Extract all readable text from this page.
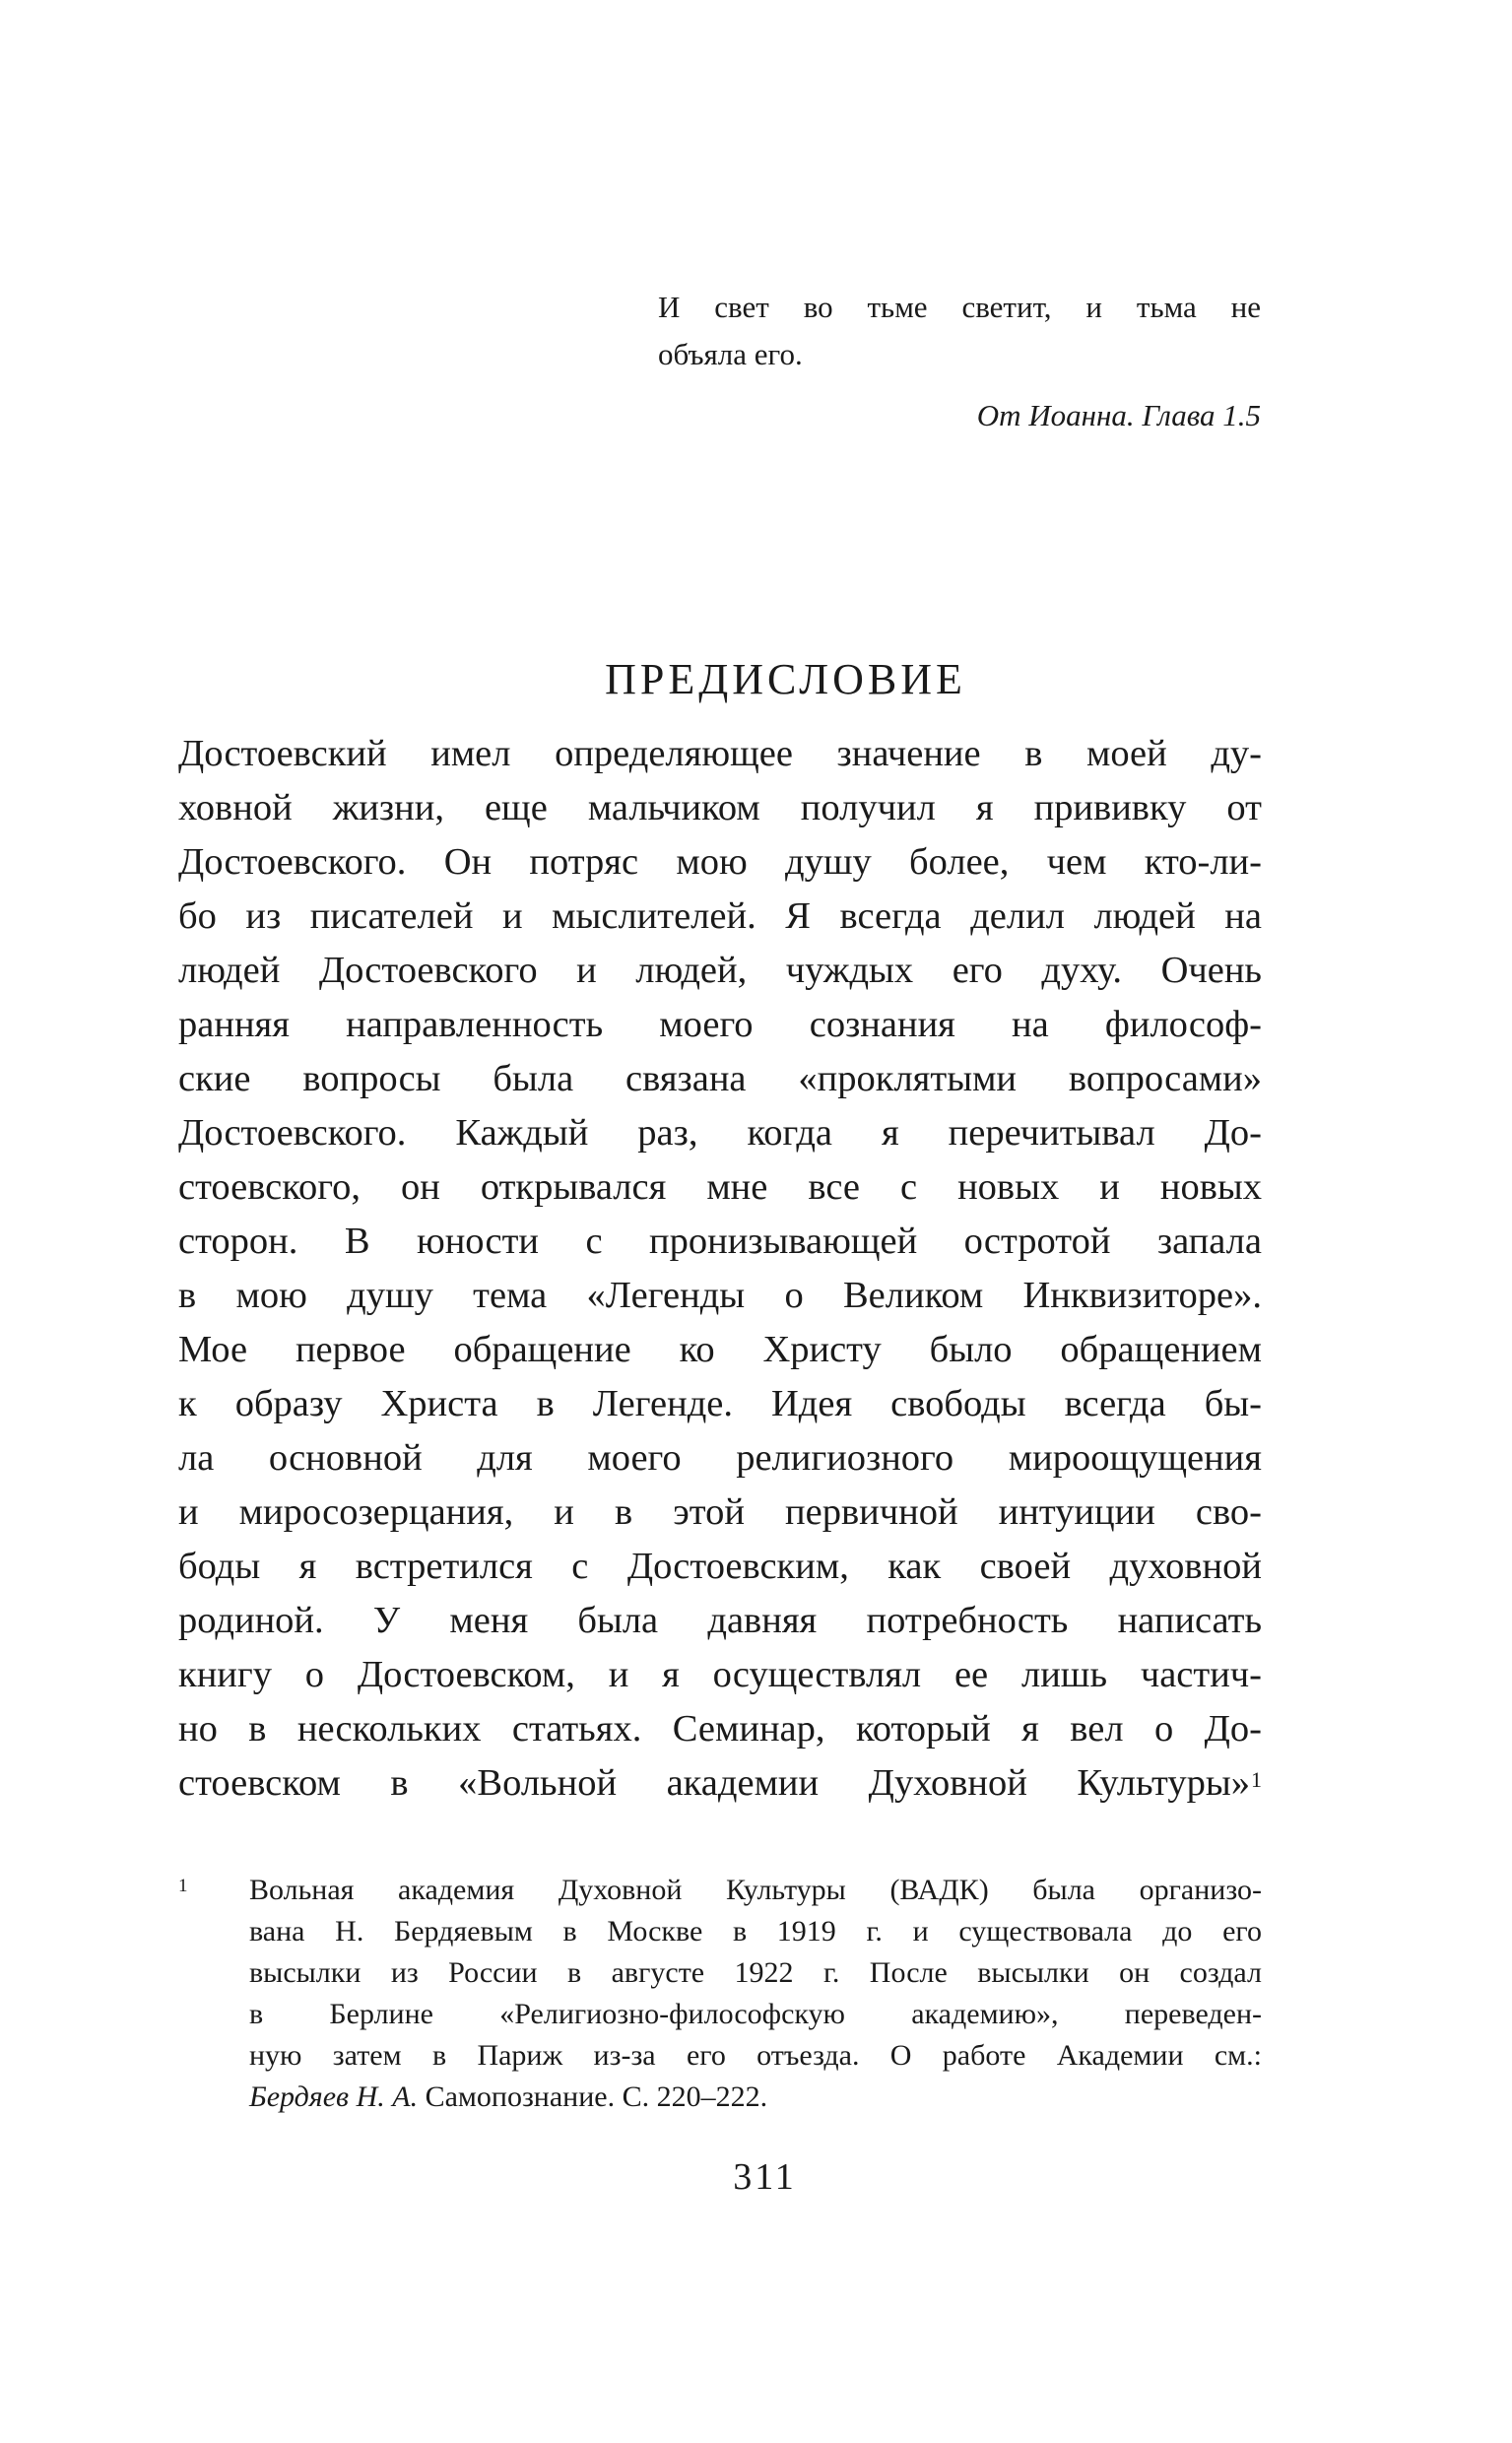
И свет во тьме светит, и тьма не
объяла его.
От Иоанна. Глава 1.5
ПРЕДИСЛОВИЕ
Достоевский имел определяющее значение в моей ду-
ховной жизни, еще мальчиком получил я прививку от
Достоевского. Он потряс мою душу более, чем кто-ли-
бо из писателей и мыслителей. Я всегда делил людей на
людей Достоевского и людей, чуждых его духу. Очень
ранняя направленность моего сознания на философ-
ские вопросы была связана «проклятыми вопросами»
Достоевского. Каждый раз, когда я перечитывал До-
стоевского, он открывался мне все с новых и новых
сторон. В юности с пронизывающей остротой запала
в мою душу тема «Легенды о Великом Инквизиторе».
Мое первое обращение ко Христу было обращением
к образу Христа в Легенде. Идея свободы всегда бы-
ла основной для моего религиозного мироощущения
и миросозерцания, и в этой первичной интуиции сво-
боды я встретился с Достоевским, как своей духовной
родиной. У меня была давняя потребность написать
книгу о Достоевском, и я осуществлял ее лишь частич-
но в нескольких статьях. Семинар, который я вел о До-
стоевском в «Вольной академии Духовной Культуры»$^1$
1 Вольная академия Духовной Культуры (ВАДК) была организо-
вана Н. Бердяевым в Москве в 1919 г. и существовала до его
высылки из России в августе 1922 г. После высылки он создал
в Берлине «Религиозно-философскую академию», переведен-
ную затем в Париж из-за его отъезда. О работе Академии см.:
Бердяев Н. А. Самопознание. С. 220–222.
311
